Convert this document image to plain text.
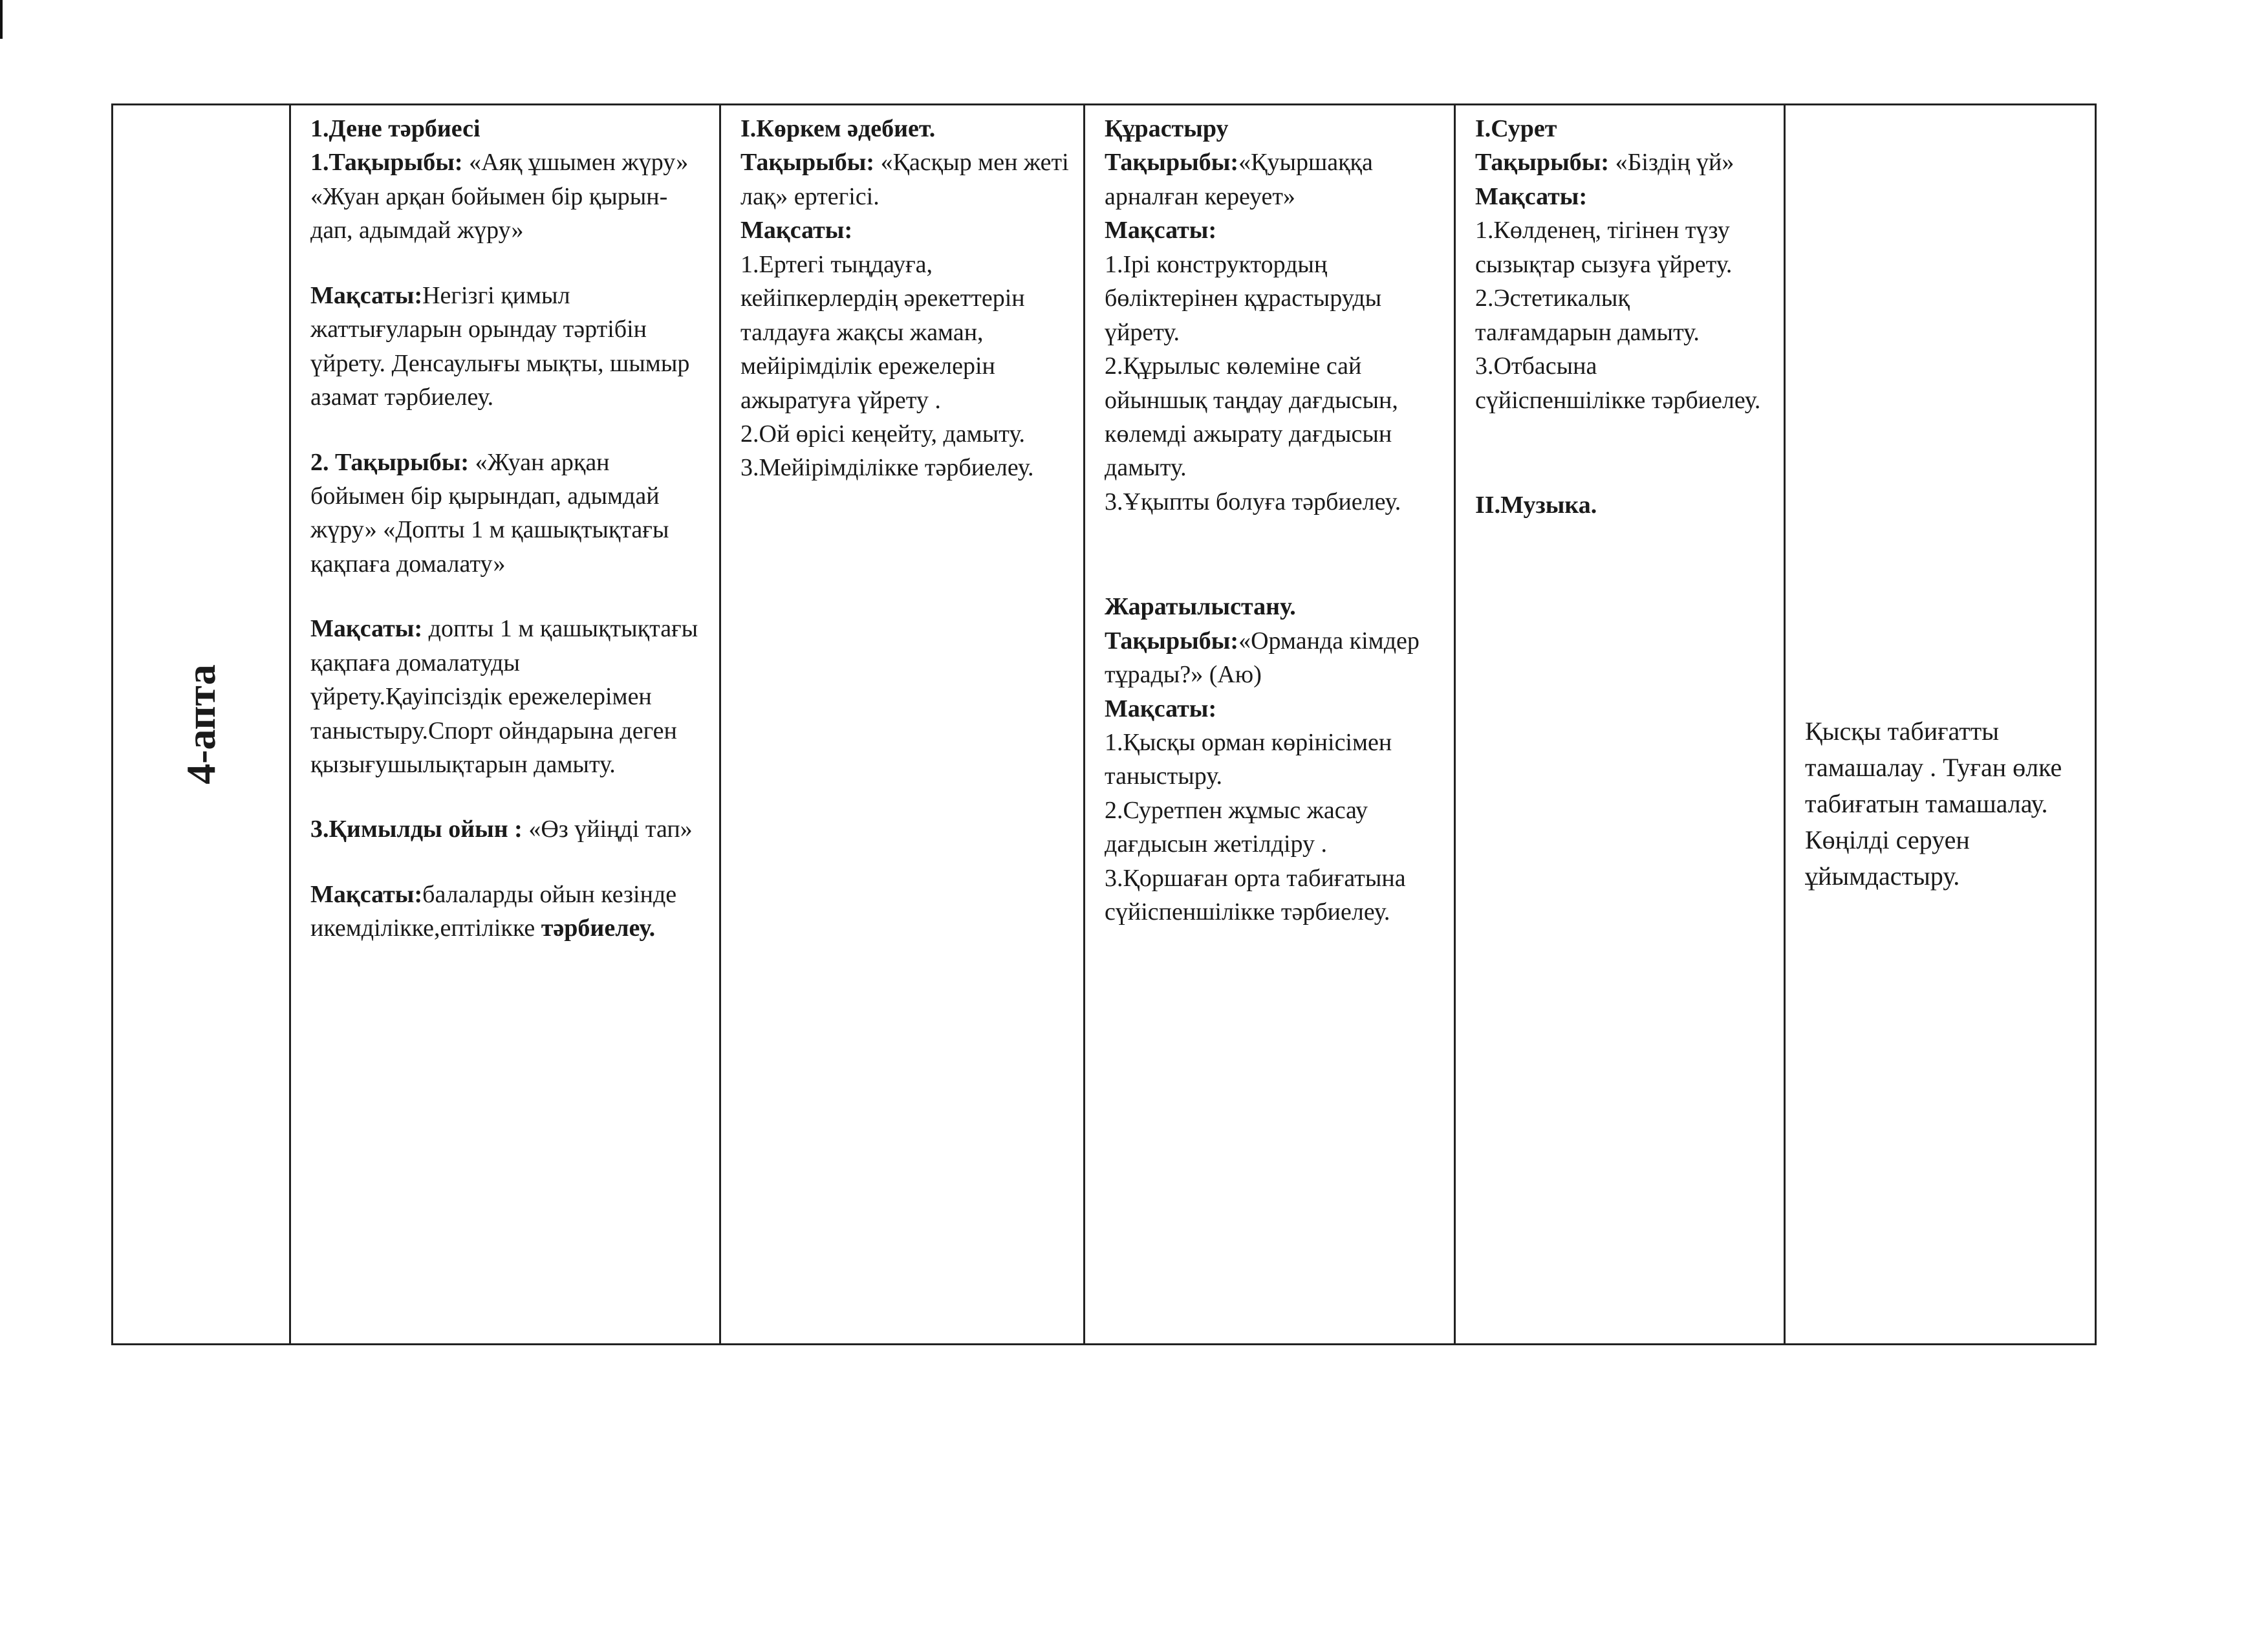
4-апта

1.Дене тәрбиесі

1.Тақырыбы: «Аяқ ұшымен жүру» «Жуан арқан бойымен бір қырын-дап, адымдай жүру»

Мақсаты:Негізгі қимыл жаттығуларын орындау тәртібін үйрету. Денсаулығы мықты, шымыр азамат тәрбиелеу.

2. Тақырыбы: «Жуан арқан бойымен бір қырындап, адымдай жүру» «Допты 1 м қашықтықтағы қақпаға домалату»

Мақсаты: допты 1 м қашықтықтағы қақпаға домалатуды үйрету.Қауіпсіздік ережелерімен таныстыру.Спорт ойндарына деген қызығушылықтарын дамыту.

3.Қимылды ойын : «Өз үйіңді тап»

Мақсаты:балаларды ойын кезінде икемділікке,ептілікке тәрбиелеу.

І.Көркем әдебиет.

Тақырыбы: «Қасқыр мен жеті лақ» ертегісі.

Мақсаты:

1.Ертегі тыңдауға, кейіпкерлердің әрекеттерін талдауға жақсы жаман, мейірімділік ережелерін ажыратуға үйрету .

2.Ой өрісі кеңейту, дамыту.

3.Мейірімділікке тәрбиелеу.

Құрастыру

Тақырыбы:«Қуыршаққа арналған кереует»

Мақсаты:

1.Ірі конструктордың бөліктерінен құрастыруды үйрету.

2.Құрылыс көлеміне сай ойыншық таңдау дағдысын, көлемді ажырату дағдысын дамыту.

3.Ұқыпты болуға тәрбиелеу.

Жаратылыстану.

Тақырыбы:«Орманда кімдер тұрады?» (Аю)

Мақсаты:

1.Қысқы орман көрінісімен таныстыру.

2.Суретпен жұмыс жасау дағдысын жетілдіру .

3.Қоршаған орта табиғатына сүйіспеншілікке тәрбиелеу.

І.Сурет

Тақырыбы: «Біздің үй»

Мақсаты:

1.Көлденең, тігінен түзу сызықтар сызуға үйрету.

2.Эстетикалық талғамдарын дамыту.

3.Отбасына сүйіспеншілікке тәрбиелеу.

ІІ.Музыка.

Қысқы табиғатты тамашалау . Туған өлке табиғатын тамашалау. Көңілді серуен ұйымдастыру.
